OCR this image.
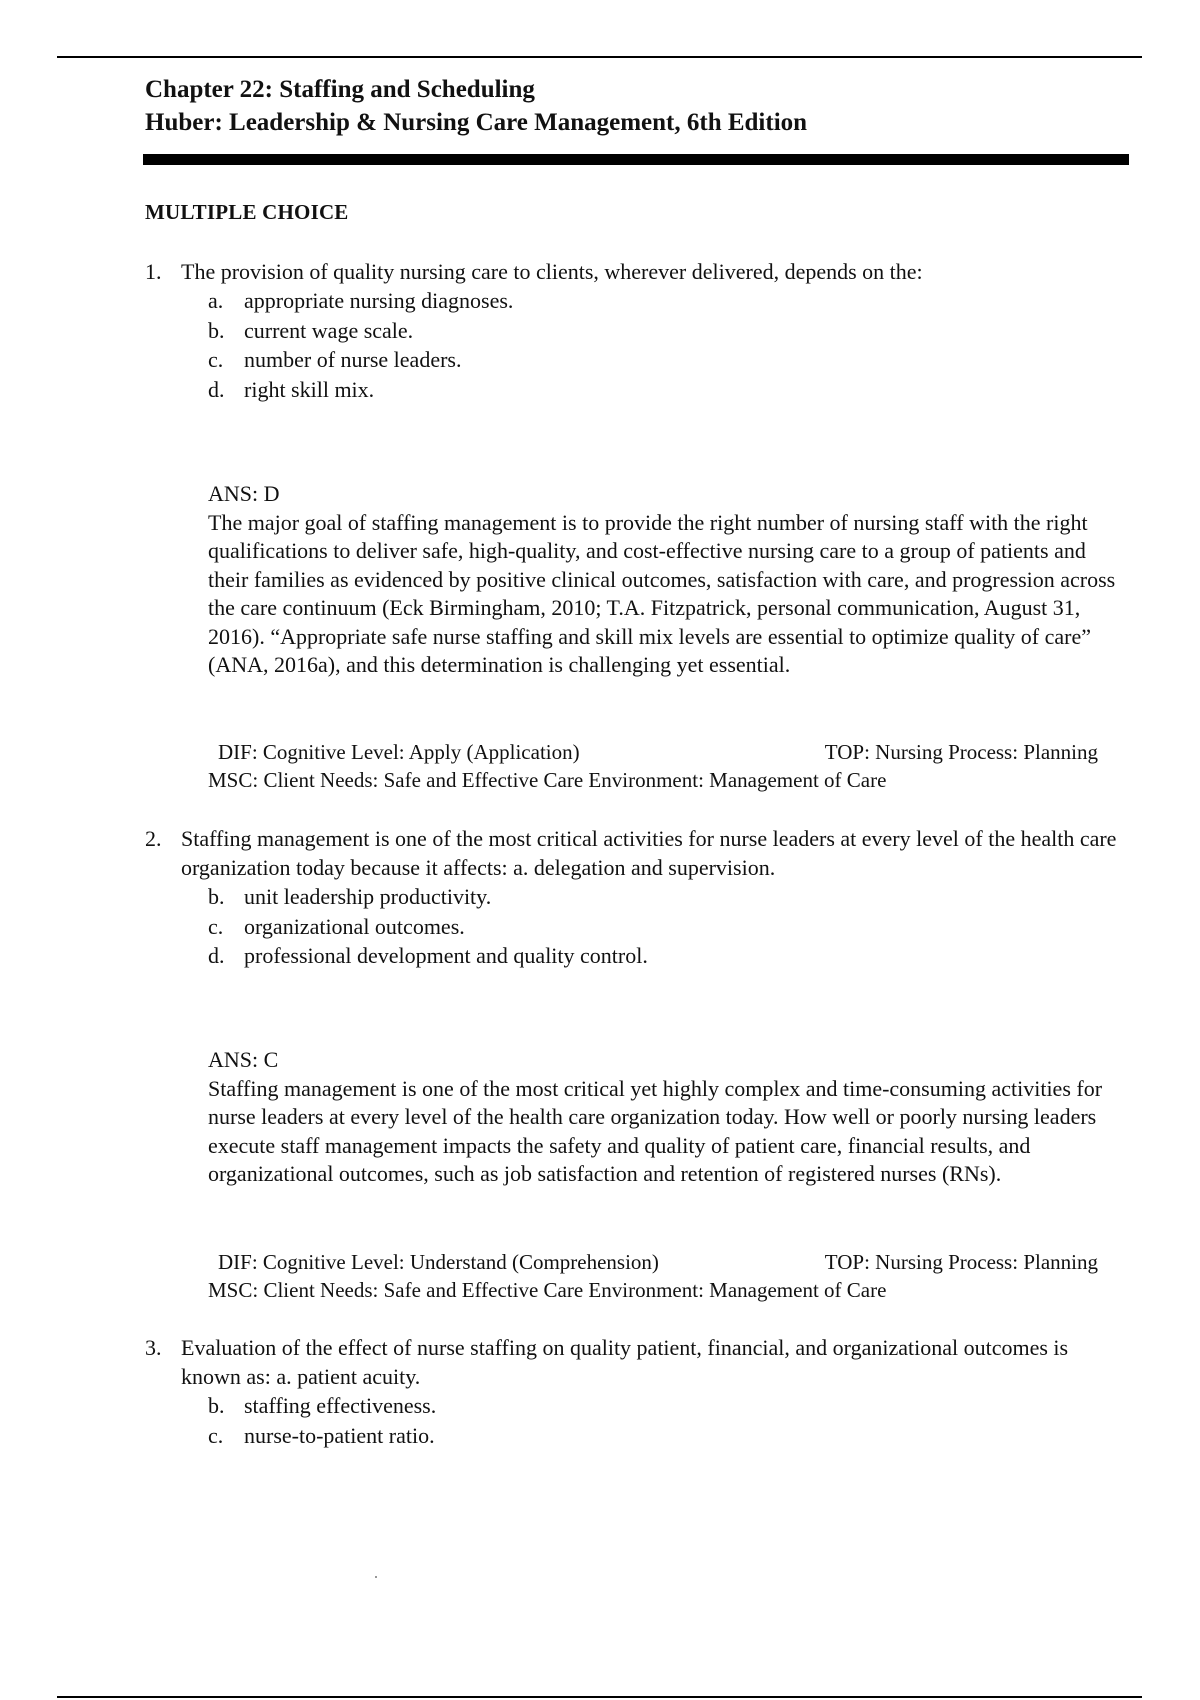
Chapter 22: Staffing and Scheduling
Huber: Leadership & Nursing Care Management, 6th Edition
MULTIPLE CHOICE
1. The provision of quality nursing care to clients, wherever delivered, depends on the:
a. appropriate nursing diagnoses.
b. current wage scale.
c. number of nurse leaders.
d. right skill mix.
ANS: D
The major goal of staffing management is to provide the right number of nursing staff with the right qualifications to deliver safe, high-quality, and cost-effective nursing care to a group of patients and their families as evidenced by positive clinical outcomes, satisfaction with care, and progression across the care continuum (Eck Birmingham, 2010; T.A. Fitzpatrick, personal communication, August 31, 2016). “Appropriate safe nurse staffing and skill mix levels are essential to optimize quality of care” (ANA, 2016a), and this determination is challenging yet essential.
DIF: Cognitive Level: Apply (Application)	TOP: Nursing Process: Planning
MSC: Client Needs: Safe and Effective Care Environment: Management of Care
2. Staffing management is one of the most critical activities for nurse leaders at every level of the health care organization today because it affects: a. delegation and supervision.
b. unit leadership productivity.
c. organizational outcomes.
d. professional development and quality control.
ANS: C
Staffing management is one of the most critical yet highly complex and time-consuming activities for nurse leaders at every level of the health care organization today. How well or poorly nursing leaders execute staff management impacts the safety and quality of patient care, financial results, and organizational outcomes, such as job satisfaction and retention of registered nurses (RNs).
DIF: Cognitive Level: Understand (Comprehension)	TOP: Nursing Process: Planning
MSC: Client Needs: Safe and Effective Care Environment: Management of Care
3. Evaluation of the effect of nurse staffing on quality patient, financial, and organizational outcomes is known as: a. patient acuity.
b. staffing effectiveness.
c. nurse-to-patient ratio.
